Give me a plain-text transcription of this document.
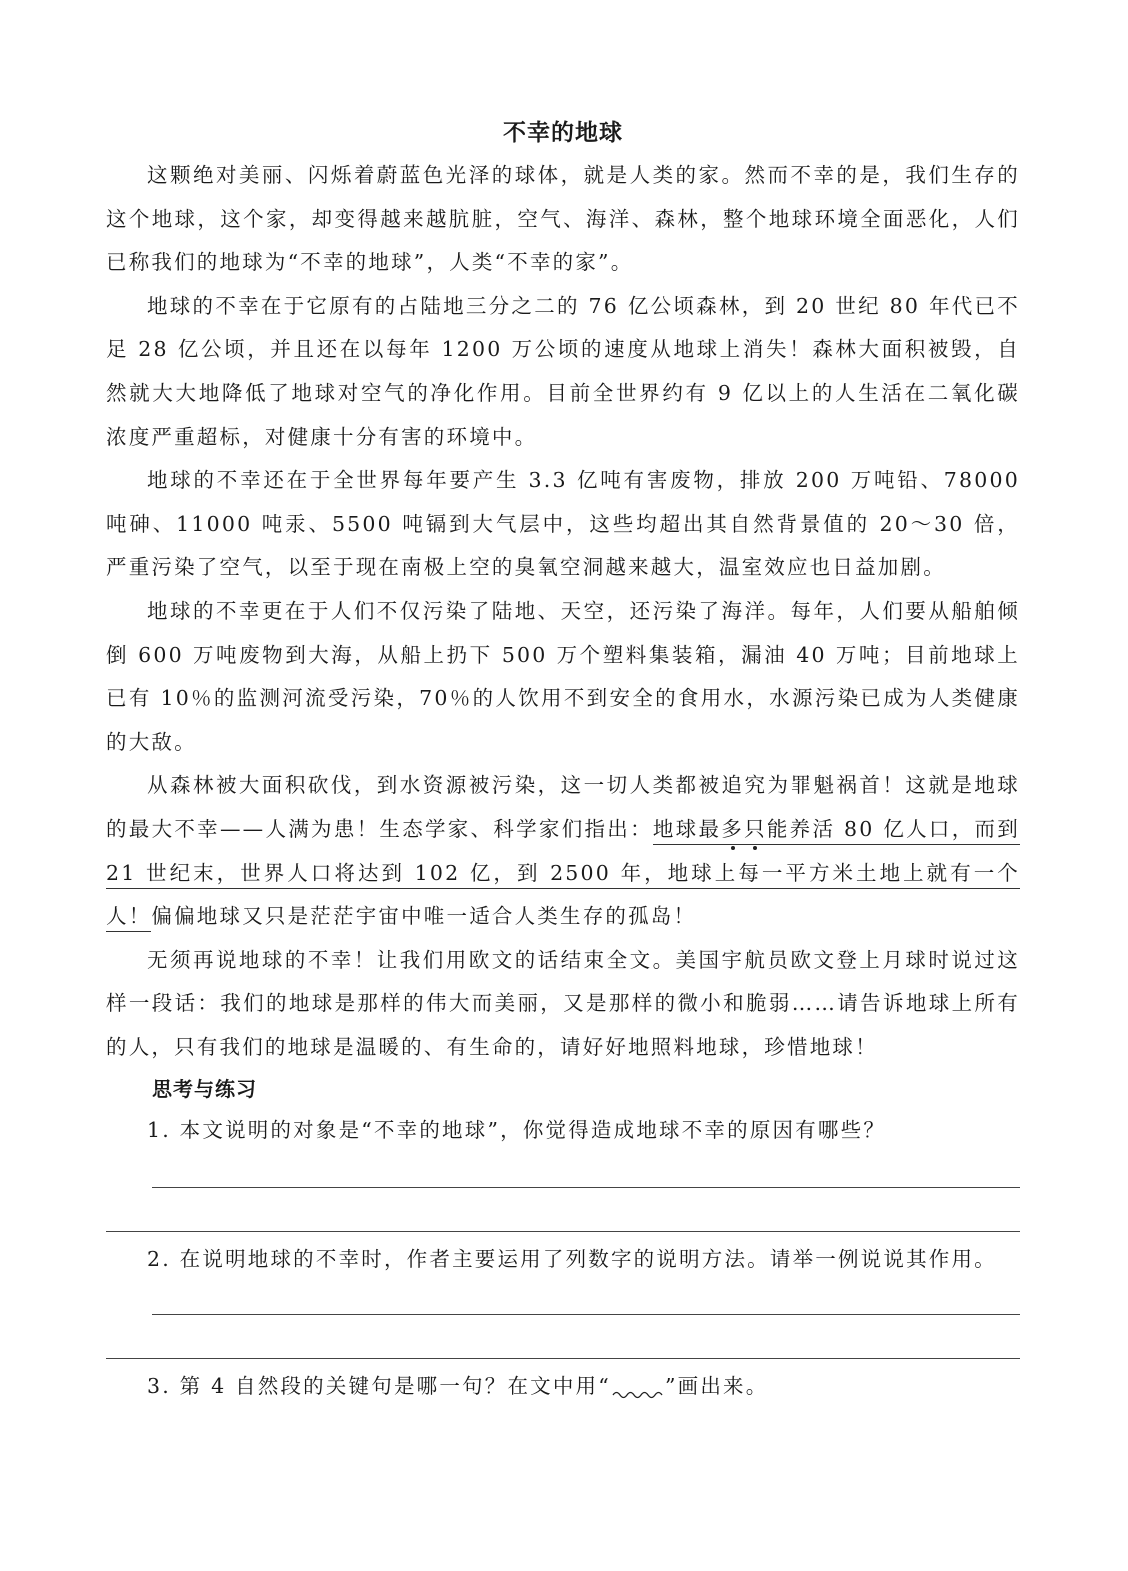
不幸的地球

这颗绝对美丽、闪烁着蔚蓝色光泽的球体，就是人类的家。然而不幸的是，我们生存的这个地球，这个家，却变得越来越肮脏，空气、海洋、森林，整个地球环境全面恶化，人们已称我们的地球为“不幸的地球”，人类“不幸的家”。

地球的不幸在于它原有的占陆地三分之二的 76 亿公顷森林，到 20 世纪 80 年代已不足 28 亿公顷，并且还在以每年 1200 万公顷的速度从地球上消失！森林大面积被毁，自然就大大地降低了地球对空气的净化作用。目前全世界约有 9 亿以上的人生活在二氧化碳浓度严重超标，对健康十分有害的环境中。

地球的不幸还在于全世界每年要产生 3.3 亿吨有害废物，排放 200 万吨铅、78000 吨砷、11000 吨汞、5500 吨镉到大气层中，这些均超出其自然背景值的 20～30 倍，严重污染了空气，以至于现在南极上空的臭氧空洞越来越大，温室效应也日益加剧。

地球的不幸更在于人们不仅污染了陆地、天空，还污染了海洋。每年，人们要从船舶倾倒 600 万吨废物到大海，从船上扔下 500 万个塑料集装箱，漏油 40 万吨；目前地球上已有 10％的监测河流受污染，70％的人饮用不到安全的食用水，水源污染已成为人类健康的大敌。

从森林被大面积砍伐，到水资源被污染，这一切人类都被追究为罪魁祸首！这就是地球的最大不幸——人满为患！生态学家、科学家们指出：地球最多只能养活 80 亿人口，而到 21 世纪末，世界人口将达到 102 亿，到 2500 年，地球上每一平方米土地上就有一个人！偏偏地球又只是茫茫宇宙中唯一适合人类生存的孤岛！

无须再说地球的不幸！让我们用欧文的话结束全文。美国宇航员欧文登上月球时说过这样一段话：我们的地球是那样的伟大而美丽，又是那样的微小和脆弱……请告诉地球上所有的人，只有我们的地球是温暖的、有生命的，请好好地照料地球，珍惜地球！

思考与练习

1. 本文说明的对象是“不幸的地球”，你觉得造成地球不幸的原因有哪些？

2. 在说明地球的不幸时，作者主要运用了列数字的说明方法。请举一例说说其作用。

3. 第 4 自然段的关键句是哪一句？在文中用“	”画出来。
